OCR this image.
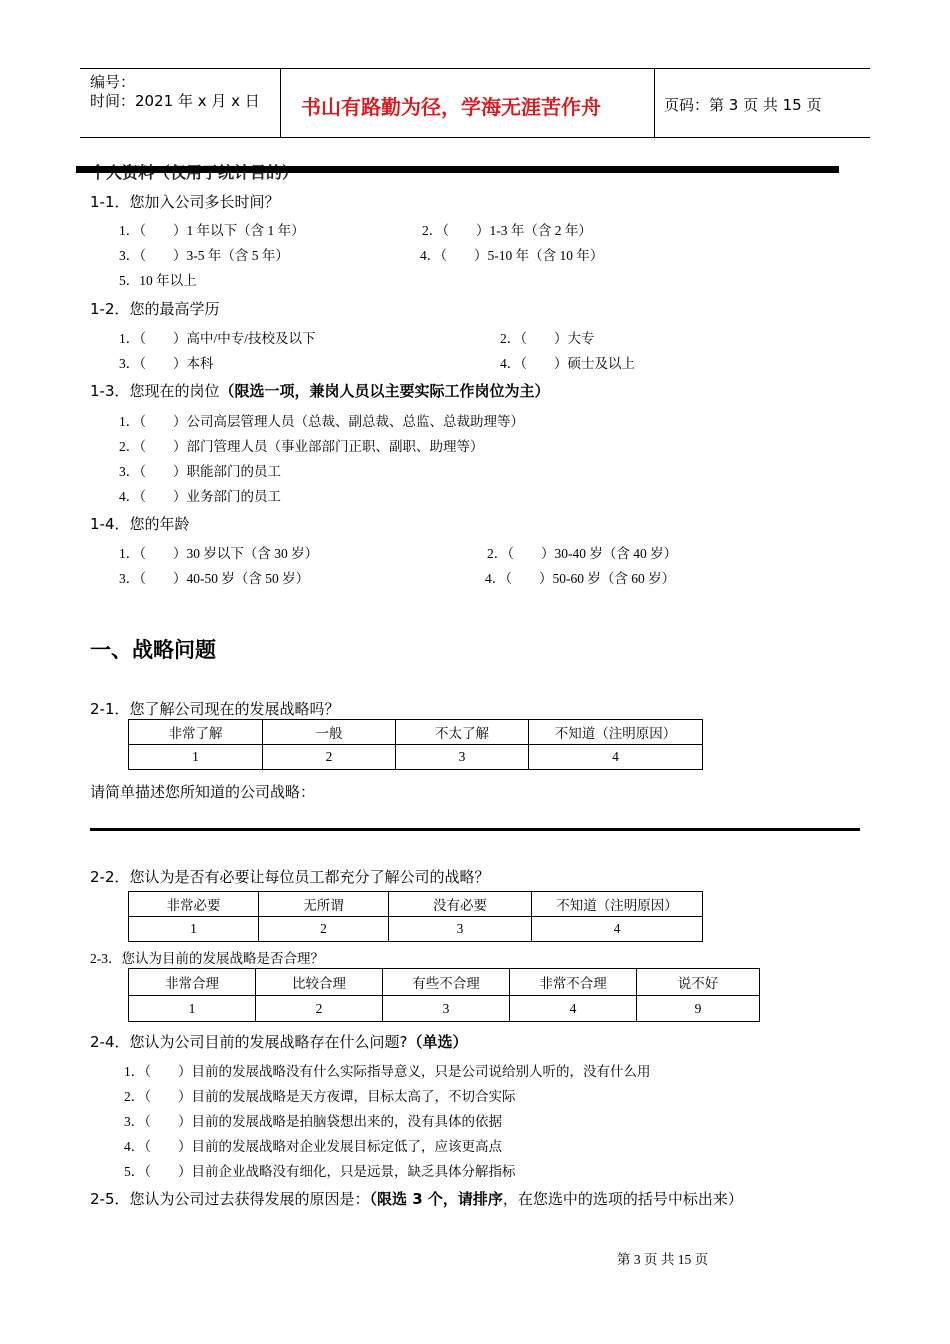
编号：
时间：2021 年 x 月 x 日 书山有路勤为径，学海无涯苦作舟	页码：第 3 页 共 15 页
1-1．您加入公司多长时间？
1．（　　）1 年以下（含 1 年）	2．（　　）1-3 年（含 2 年）
3．（　　）3-5 年（含 5 年）	4．（　　）5-10 年（含 10 年）
5．10 年以上
1-2．您的最高学历
1．（　　）高中/中专/技校及以下	2．（　　）大专
3．（　　）本科	4．（　　）硕士及以上
1-3．您现在的岗位（限选一项，兼岗人员以主要实际工作岗位为主）
1．（　　）公司高层管理人员（总裁、副总裁、总监、总裁助理等）
2．（　　）部门管理人员（事业部部门正职、副职、助理等）
3．（　　）职能部门的员工
4．（　　）业务部门的员工
1-4．您的年龄
1．（　　）30 岁以下（含 30 岁）	2．（　　）30-40 岁（含 40 岁）
3．（　　）40-50 岁（含 50 岁）	4．（　　）50-60 岁（含 60 岁）
一、战略问题
2-1．您了解公司现在的发展战略吗？
非常了解	一般	不太了解	不知道（注明原因）
1	2	3	4
请简单描述您所知道的公司战略：
2-2．您认为是否有必要让每位员工都充分了解公司的战略？
非常必要	无所谓	没有必要	不知道（注明原因）
1	2	3	4
2-3．您认为目前的发展战略是否合理？
非常合理	比较合理	有些不合理	非常不合理	说不好
1	2	3	4	9
2-4．您认为公司目前的发展战略存在什么问题?（单选）
1．（　　）目前的发展战略没有什么实际指导意义，只是公司说给别人听的，没有什么用
2．（　　）目前的发展战略是天方夜谭，目标太高了，不切合实际
3．（　　）目前的发展战略是拍脑袋想出来的，没有具体的依据
4．（　　）目前的发展战略对企业发展目标定低了，应该更高点
5．（　　）目前企业战略没有细化，只是远景，缺乏具体分解指标
2-5．您认为公司过去获得发展的原因是：（限选 3 个，请排序，在您选中的选项的括号中标出来）
第 3 页 共 15 页
